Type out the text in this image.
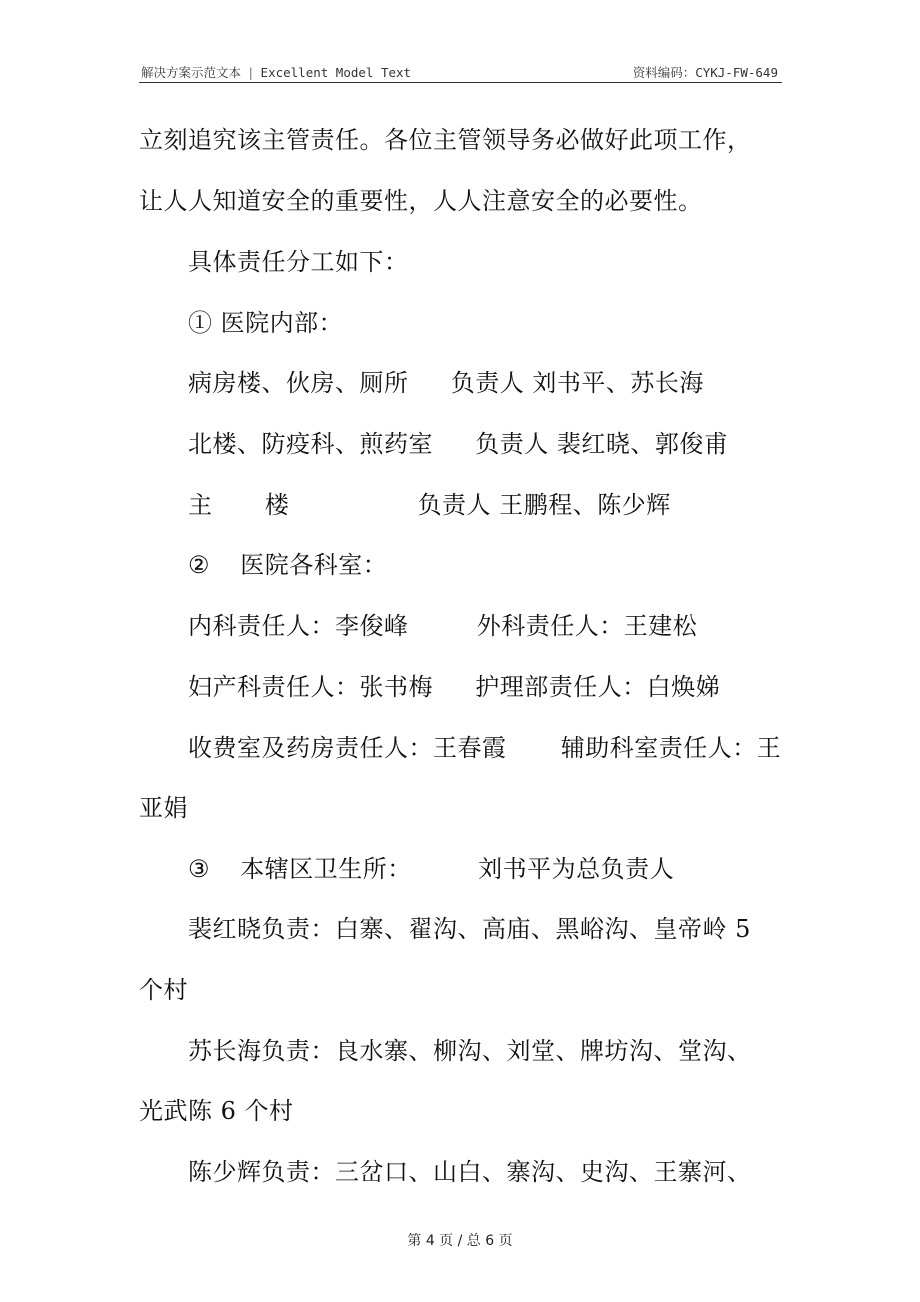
解决方案示范文本 | Excellent Model Text	资料编码：CYKJ-FW-649
立刻追究该主管责任。各位主管领导务必做好此项工作，
让人人知道安全的重要性，人人注意安全的必要性。
具体责任分工如下：
① 医院内部：
病房楼、伙房、厕所 负责人 刘书平、苏长海
北楼、防疫科、煎药室 负责人 裴红晓、郭俊甫
主 楼	负责人 王鹏程、陈少辉
② 医院各科室：
内科责任人：李俊峰	外科责任人：王建松
妇产科责任人：张书梅 护理部责任人：白焕娣
收费室及药房责任人：王春霞 辅助科室责任人：王
亚娟
③ 本辖区卫生所：	刘书平为总负责人
裴红晓负责：白寨、翟沟、高庙、黑峪沟、皇帝岭 5
个村
苏长海负责：良水寨、柳沟、刘堂、牌坊沟、堂沟、
光武陈 6 个村
陈少辉负责：三岔口、山白、寨沟、史沟、王寨河、
第 4 页 / 总 6 页
